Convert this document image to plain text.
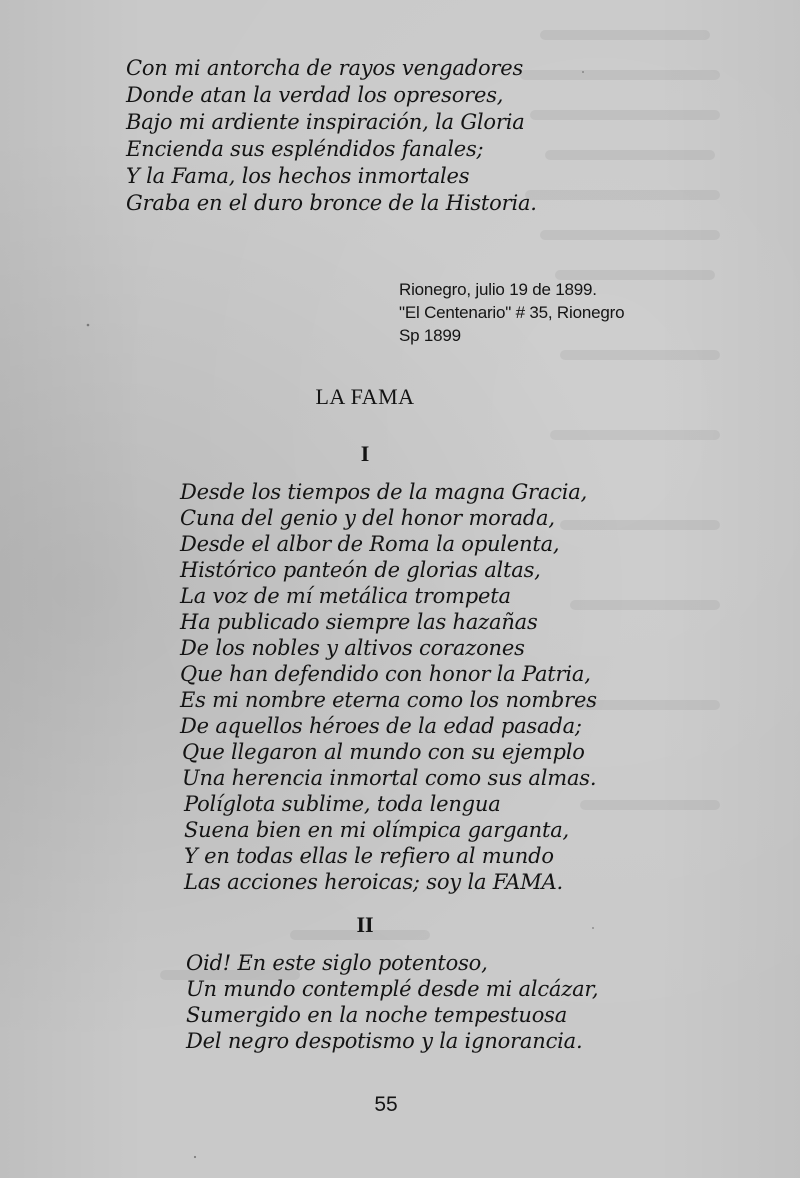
Con mi antorcha de rayos vengadores
Donde atan la verdad los opresores,
Bajo mi ardiente inspiración, la Gloria
Encienda sus espléndidos fanales;
Y la Fama, los hechos inmortales
Graba en el duro bronce de la Historia.
Rionegro, julio 19 de 1899.
"El Centenario" # 35, Rionegro
Sp 1899
LA FAMA
I
Desde los tiempos de la magna Gracia,
Cuna del genio y del honor morada,
Desde el albor de Roma la opulenta,
Histórico panteón de glorias altas,
La voz de mí metálica trompeta
Ha publicado siempre las hazañas
De los nobles y altivos corazones
Que han defendido con honor la Patria,
Es mi nombre eterna como los nombres
De aquellos héroes de la edad pasada;
Que llegaron al mundo con su ejemplo
Una herencia inmortal como sus almas.
Políglota sublime, toda lengua
Suena bien en mi olímpica garganta,
Y en todas ellas le refiero al mundo
Las acciones heroicas; soy la FAMA.
II
Oid! En este siglo potentoso,
Un mundo contemplé desde mi alcázar,
Sumergido en la noche tempestuosa
Del negro despotismo y la ignorancia.
55
